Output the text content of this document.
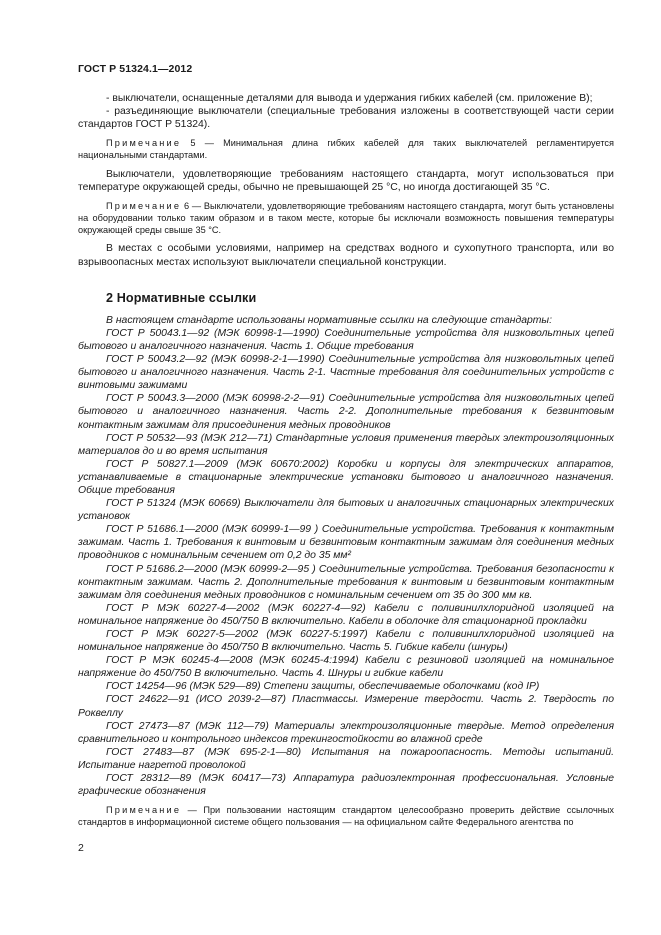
ГОСТ Р 51324.1—2012

- выключатели, оснащенные деталями для вывода и удержания гибких кабелей (см. приложение В);

- разъединяющие выключатели (специальные требования изложены в соответствующей части серии стандартов ГОСТ Р 51324).

Примечание 5 — Минимальная длина гибких кабелей для таких выключателей регламентируется национальными стандартами.

Выключатели, удовлетворяющие требованиям настоящего стандарта, могут использоваться при температуре окружающей среды, обычно не превышающей 25 °С, но иногда достигающей 35 °С.

Примечание 6 — Выключатели, удовлетворяющие требованиям настоящего стандарта, могут быть установлены на оборудовании только таким образом и в таком месте, которые бы исключали возможность повышения температуры окружающей среды свыше 35 °С.

В местах с особыми условиями, например на средствах водного и сухопутного транспорта, или во взрывоопасных местах используют выключатели специальной конструкции.

2 Нормативные ссылки

В настоящем стандарте использованы нормативные ссылки на следующие стандарты:

ГОСТ Р 50043.1—92 (МЭК 60998-1—1990) Соединительные устройства для низковольтных цепей бытового и аналогичного назначения. Часть 1. Общие требования

ГОСТ Р 50043.2—92 (МЭК 60998-2-1—1990) Соединительные устройства для низковольтных цепей бытового и аналогичного назначения. Часть 2-1. Частные требования для соединительных устройств с винтовыми зажимами

ГОСТ Р 50043.3—2000 (МЭК 60998-2-2—91) Соединительные устройства для низковольтных цепей бытового и аналогичного назначения. Часть 2-2. Дополнительные требования к безвинтовым контактным зажимам для присоединения медных проводников

ГОСТ Р 50532—93 (МЭК 212—71) Стандартные условия применения твердых электроизоляционных материалов до и во время испытания

ГОСТ Р 50827.1—2009 (МЭК 60670:2002) Коробки и корпусы для электрических аппаратов, устанавливаемые в стационарные электрические установки бытового и аналогичного назначения. Общие требования

ГОСТ Р 51324 (МЭК 60669) Выключатели для бытовых и аналогичных стационарных электрических установок

ГОСТ Р 51686.1—2000 (МЭК 60999-1—99 ) Соединительные устройства. Требования к контактным зажимам. Часть 1. Требования к винтовым и безвинтовым контактным зажимам для соединения медных проводников с номинальным сечением от 0,2 до 35 мм²

ГОСТ Р 51686.2—2000 (МЭК 60999-2—95 ) Соединительные устройства. Требования безопасности к контактным зажимам. Часть 2. Дополнительные требования к винтовым и безвинтовым контактным зажимам для соединения медных проводников с номинальным сечением от 35 до 300 мм кв.

ГОСТ Р МЭК 60227-4—2002 (МЭК 60227-4—92) Кабели с поливинилхлоридной изоляцией на номинальное напряжение до 450/750 В включительно. Кабели в оболочке для стационарной прокладки

ГОСТ Р МЭК 60227-5—2002 (МЭК 60227-5:1997) Кабели с поливинилхлоридной изоляцией на номинальное напряжение до 450/750 В включительно. Часть 5. Гибкие кабели (шнуры)

ГОСТ Р МЭК 60245-4—2008 (МЭК 60245-4:1994) Кабели с резиновой изоляцией на номинальное напряжение до 450/750 В включительно. Часть 4. Шнуры и гибкие кабели

ГОСТ 14254—96 (МЭК 529—89) Степени защиты, обеспечиваемые оболочками (код IP)

ГОСТ 24622—91 (ИСО 2039-2—87) Пластмассы. Измерение твердости. Часть 2. Твердость по Роквеллу

ГОСТ 27473—87 (МЭК 112—79) Материалы электроизоляционные твердые. Метод определения сравнительного и контрольного индексов трекингостойкости во влажной среде

ГОСТ 27483—87 (МЭК 695-2-1—80) Испытания на пожароопасность. Методы испытаний. Испытание нагретой проволокой

ГОСТ 28312—89 (МЭК 60417—73) Аппаратура радиоэлектронная профессиональная. Условные графические обозначения

Примечание — При пользовании настоящим стандартом целесообразно проверить действие ссылочных стандартов в информационной системе общего пользования — на официальном сайте Федерального агентства по

2
